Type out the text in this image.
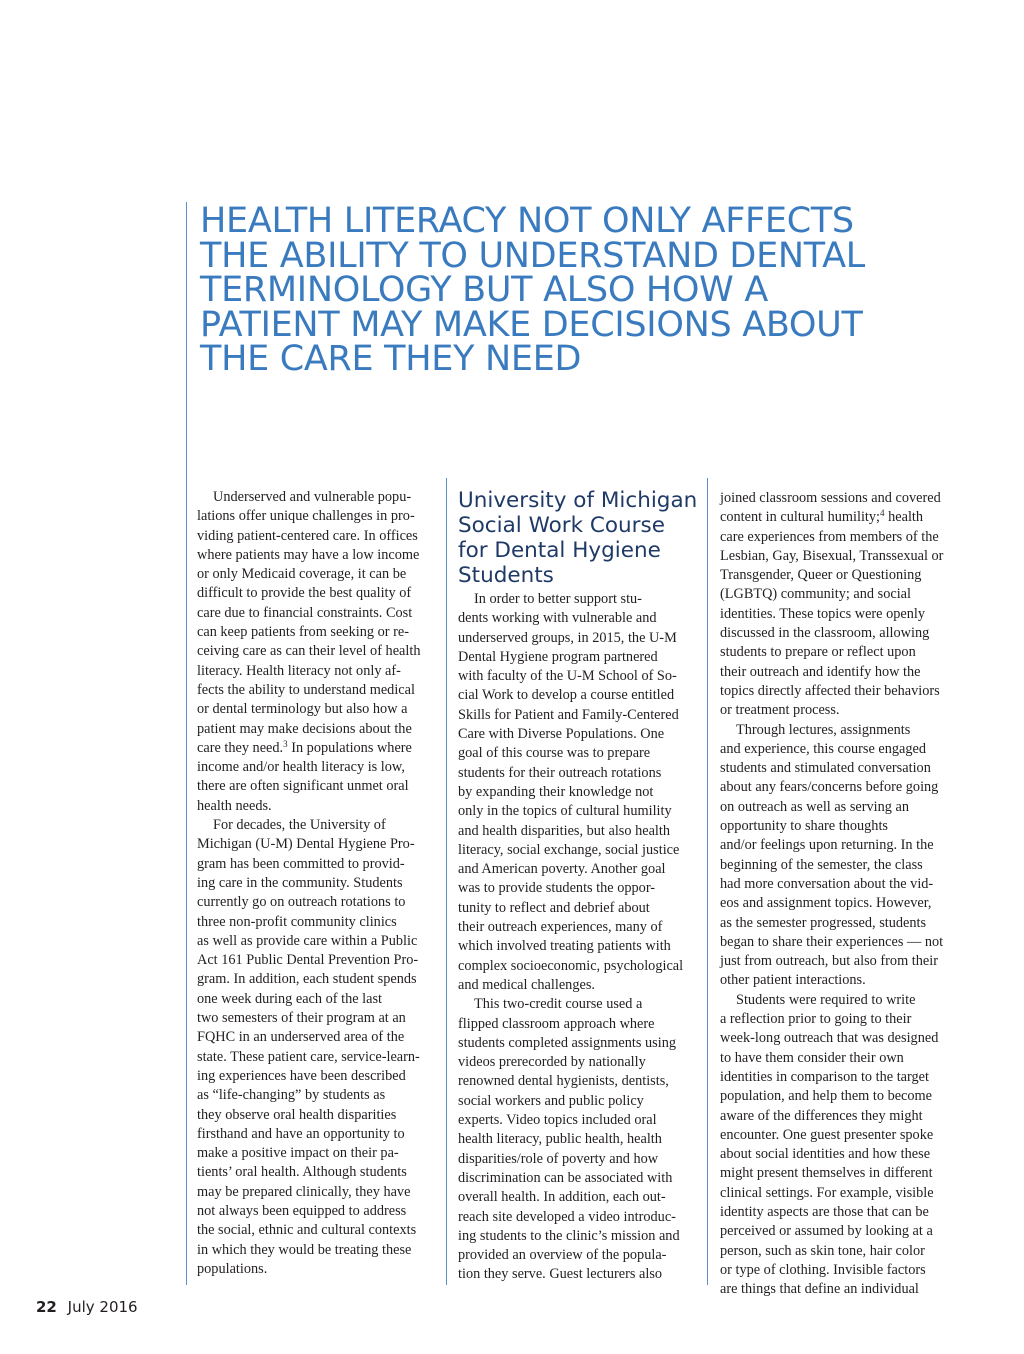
HEALTH LITERACY NOT ONLY AFFECTS
THE ABILITY TO UNDERSTAND DENTAL
TERMINOLOGY BUT ALSO HOW A
PATIENT MAY MAKE DECISIONS ABOUT
THE CARE THEY NEED
Underserved and vulnerable popu-
lations offer unique challenges in pro-
viding patient-centered care. In offices
where patients may have a low income
or only Medicaid coverage, it can be
difficult to provide the best quality of
care due to financial constraints. Cost
can keep patients from seeking or re-
ceiving care as can their level of health
literacy. Health literacy not only af-
fects the ability to understand medical
or dental terminology but also how a
patient may make decisions about the
care they need.$^3$ In populations where
income and/or health literacy is low,
there are often significant unmet oral
health needs.
For decades, the University of
Michigan (U-M) Dental Hygiene Pro-
gram has been committed to provid-
ing care in the community. Students
currently go on outreach rotations to
three non-profit community clinics
as well as provide care within a Public
Act 161 Public Dental Prevention Pro-
gram. In addition, each student spends
one week during each of the last
two semesters of their program at an
FQHC in an underserved area of the
state. These patient care, service-learn-
ing experiences have been described
as “life-changing” by students as
they observe oral health disparities
firsthand and have an opportunity to
make a positive impact on their pa-
tients’ oral health. Although students
may be prepared clinically, they have
not always been equipped to address
the social, ethnic and cultural contexts
in which they would be treating these
populations.
University of Michigan
Social Work Course
for Dental Hygiene
Students
In order to better support stu-
dents working with vulnerable and
underserved groups, in 2015, the U-M
Dental Hygiene program partnered
with faculty of the U-M School of So-
cial Work to develop a course entitled
Skills for Patient and Family-Centered
Care with Diverse Populations. One
goal of this course was to prepare
students for their outreach rotations
by expanding their knowledge not
only in the topics of cultural humility
and health disparities, but also health
literacy, social exchange, social justice
and American poverty. Another goal
was to provide students the oppor-
tunity to reflect and debrief about
their outreach experiences, many of
which involved treating patients with
complex socioeconomic, psychological
and medical challenges.
This two-credit course used a
flipped classroom approach where
students completed assignments using
videos prerecorded by nationally
renowned dental hygienists, dentists,
social workers and public policy
experts. Video topics included oral
health literacy, public health, health
disparities/role of poverty and how
discrimination can be associated with
overall health. In addition, each out-
reach site developed a video introduc-
ing students to the clinic’s mission and
provided an overview of the popula-
tion they serve. Guest lecturers also
joined classroom sessions and covered
content in cultural humility;$^4$ health
care experiences from members of the
Lesbian, Gay, Bisexual, Transsexual or
Transgender, Queer or Questioning
(LGBTQ) community; and social
identities. These topics were openly
discussed in the classroom, allowing
students to prepare or reflect upon
their outreach and identify how the
topics directly affected their behaviors
or treatment process.
Through lectures, assignments
and experience, this course engaged
students and stimulated conversation
about any fears/concerns before going
on outreach as well as serving an
opportunity to share thoughts
and/or feelings upon returning. In the
beginning of the semester, the class
had more conversation about the vid-
eos and assignment topics. However,
as the semester progressed, students
began to share their experiences — not
just from outreach, but also from their
other patient interactions.
Students were required to write
a reflection prior to going to their
week-long outreach that was designed
to have them consider their own
identities in comparison to the target
population, and help them to become
aware of the differences they might
encounter. One guest presenter spoke
about social identities and how these
might present themselves in different
clinical settings. For example, visible
identity aspects are those that can be
perceived or assumed by looking at a
person, such as skin tone, hair color
or type of clothing. Invisible factors
are things that define an individual
22 July 2016
